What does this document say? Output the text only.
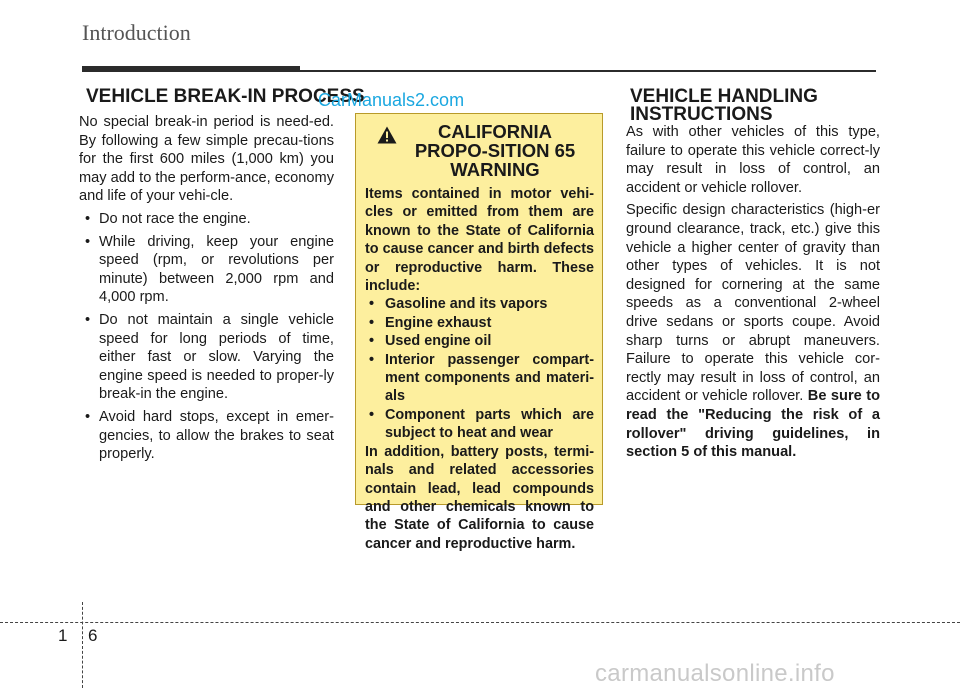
Introduction
VEHICLE BREAK-IN PROCESS
CarManuals2.com

No special break-in period is need-ed. By following a few simple precau-tions for the first 600 miles (1,000 km) you may add to the perform-ance, economy and life of your vehi-cle.

• Do not race the engine.
• While driving, keep your engine speed (rpm, or revolutions per minute) between 2,000 rpm and 4,000 rpm.
• Do not maintain a single vehicle speed for long periods of time, either fast or slow. Varying the engine speed is needed to proper-ly break-in the engine.
• Avoid hard stops, except in emer-gencies, to allow the brakes to seat properly.
CALIFORNIA PROPO-SITION 65 WARNING

Items contained in motor vehi-cles or emitted from them are known to the State of California to cause cancer and birth defects or reproductive harm. These include:

• Gasoline and its vapors
• Engine exhaust
• Used engine oil
• Interior passenger compart-ment components and materi-als
• Component parts which are subject to heat and wear

In addition, battery posts, termi-nals and related accessories contain lead, lead compounds and other chemicals known to the State of California to cause cancer and reproductive harm.

VEHICLE HANDLING INSTRUCTIONS

As with other vehicles of this type, failure to operate this vehicle correct-ly may result in loss of control, an accident or vehicle rollover.

Specific design characteristics (high-er ground clearance, track, etc.) give this vehicle a higher center of gravity than other types of vehicles. It is not designed for cornering at the same speeds as a conventional 2-wheel drive sedans or sports coupe. Avoid sharp turns or abrupt maneuvers. Failure to operate this vehicle cor-rectly may result in loss of control, an accident or vehicle rollover. Be sure to read the "Reducing the risk of a rollover" driving guidelines, in section 5 of this manual.

1 6
carmanualsonline.info
